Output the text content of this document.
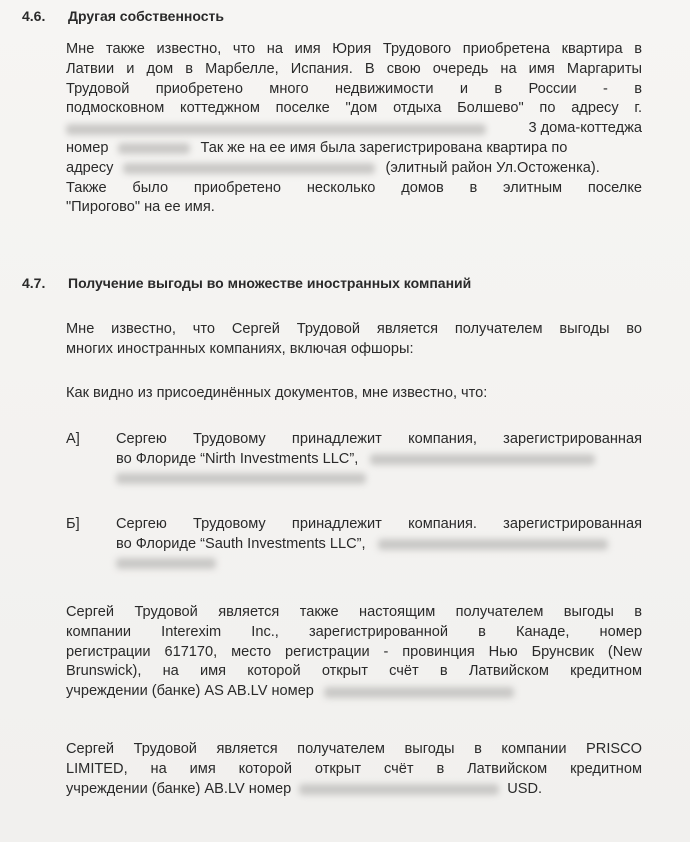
4.6.	Другая собственность
Мне также известно, что на имя Юрия Трудового приобретена квартира в
Латвии и дом в Марбелле, Испания. В свою очередь на имя Маргариты
Трудовой приобретено много недвижимости и в России - в
подмосковном коттеджном поселке "дом отдыха Болшево" по адресу г.
3 дома-коттеджа
номер	Так же на ее имя была зарегистрирована квартира по
адресу	(элитный район Ул.Остоженка).
Также было приобретено несколько домов в элитным поселке
"Пирогово" на ее имя.
4.7.	Получение выгоды во множестве иностранных компаний
Мне известно, что Сергей Трудовой является получателем выгоды во
многих иностранных компаниях, включая офшоры:
Как видно из присоединённых документов, мне известно, что:
А]	Сергею Трудовому принадлежит компания, зарегистрированная
во Флориде “Nirth Investments LLC”,
Б]	Сергею Трудовому принадлежит компания. зарегистрированная
во Флориде “Sauth Investments LLC”,
Сергей Трудовой является также настоящим получателем выгоды в
компании Interexim Inc., зарегистрированной в Канаде, номер
регистрации 617170, место регистрации - провинция Нью Брунсвик (New
Brunswick), на имя которой открыт счёт в Латвийском кредитном
учреждении (банке) AS AB.LV номер
Сергей Трудовой является получателем выгоды в компании PRISCO
LIMITED, на имя которой открыт счёт в Латвийском кредитном
учреждении (банке) AB.LV номер	USD.
